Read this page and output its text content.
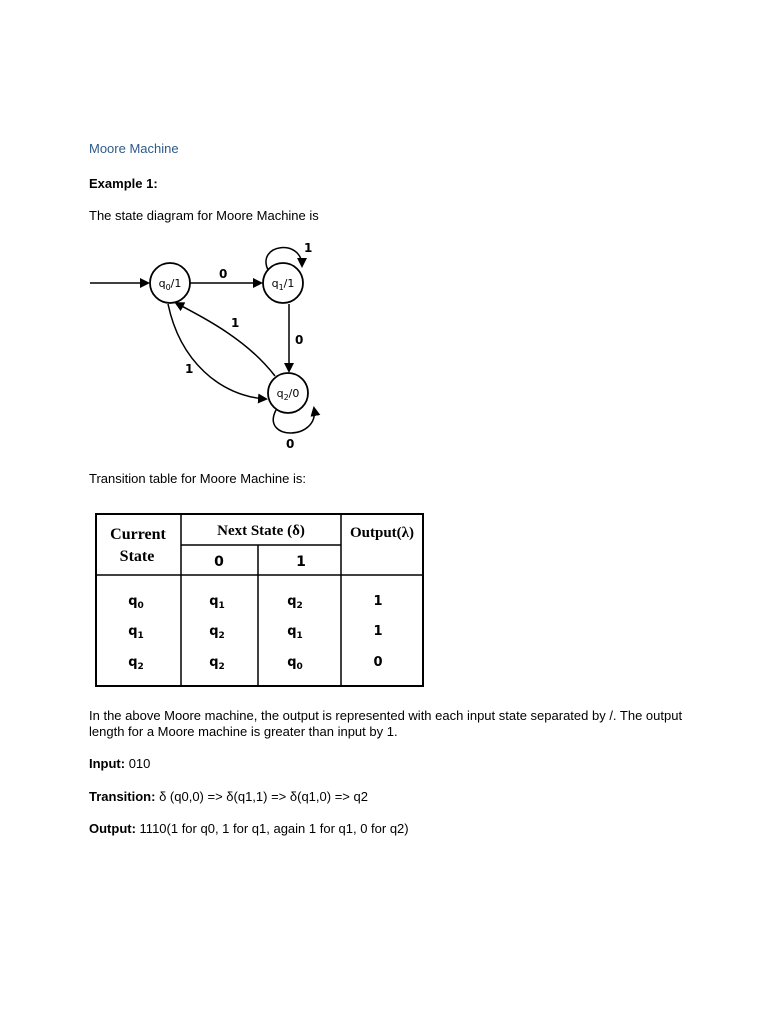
Moore Machine
Example 1:
The state diagram for Moore Machine is
$q_0/1$	$q_1/1$
$q_2/0$
0
1
0
1
1
0
Transition table for Moore Machine is:
Current
State
Next State (δ)	Output(λ)
0	1
$q_0$	$q_1$	$q_2$	1
$q_1$	$q_2$	$q_1$	1
$q_2$	$q_2$	$q_0$	0
In the above Moore machine, the output is represented with each input state separated by /. The output length for a Moore machine is greater than input by 1.
Input: 010
Transition: δ (q0,0) => δ(q1,1) => δ(q1,0) => q2
Output: 1110(1 for q0, 1 for q1, again 1 for q1, 0 for q2)
